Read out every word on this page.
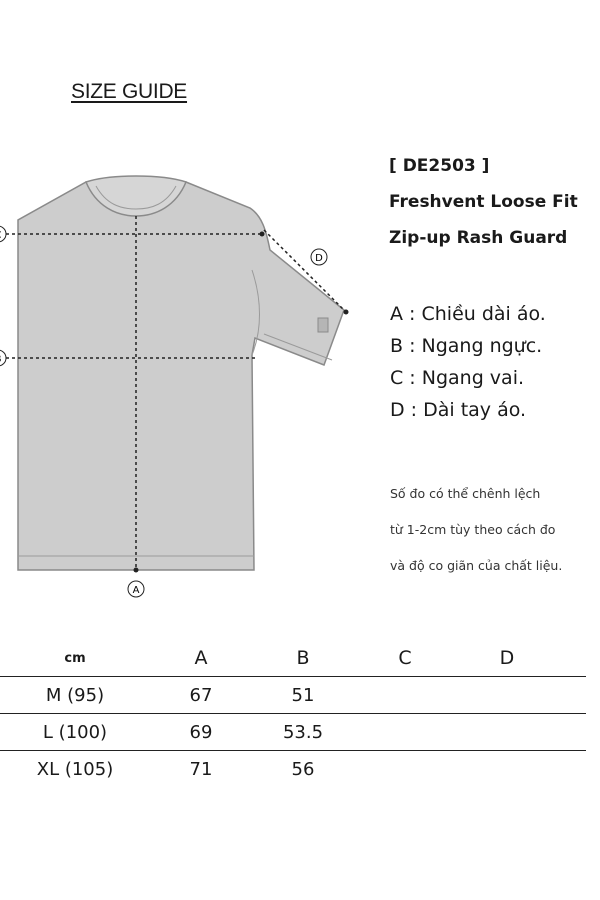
SIZE GUIDE
[ DE2503 ]
Freshvent Loose Fit
Zip-up Rash Guard
A
D
A : Chiều dài áo.
B : Ngang ngực.
C : Ngang vai.
D : Dài tay áo.
Số đo có thể chênh lệch
từ 1-2cm tùy theo cách đo
và độ co giãn của chất liệu.
cm	A	B	C	D
M (95)	67	51
L (100)	69	53.5
XL (105)	71	56
